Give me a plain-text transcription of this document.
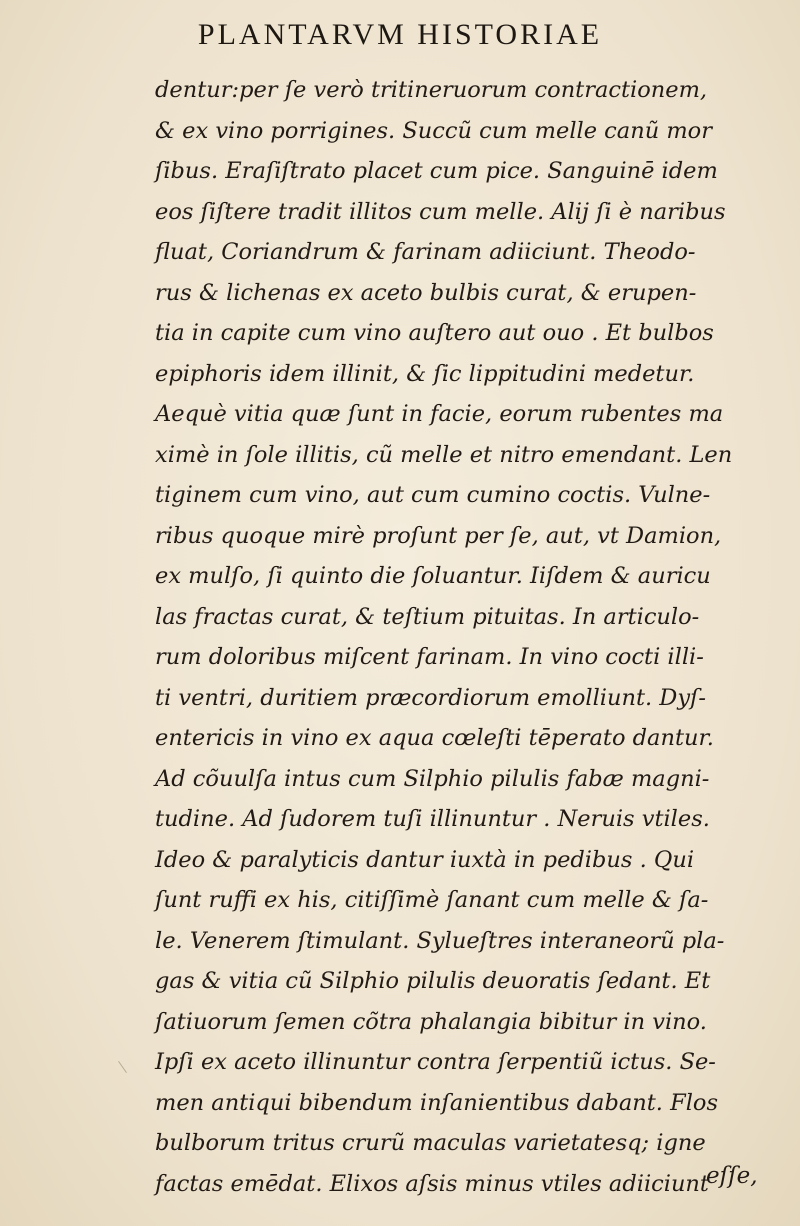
PLANTARVM HISTORIAE
dentur:per ſe verò tritineruorum contractionem,
& ex vino porrigines. Succũ cum melle canũ mor
ſibus. Eraſiſtrato placet cum pice. Sanguinē idem
eos ſiſtere tradit illitos cum melle. Alij ſi è naribus
fluat, Coriandrum & farinam adiiciunt. Theodo-
rus & lichenas ex aceto bulbis curat, & erupen-
tia in capite cum vino auſtero aut ouo . Et bulbos
epiphoris idem illinit, & ſic lippitudini medetur.
Aequè vitia quæ ſunt in facie, eorum rubentes ma
ximè in ſole illitis, cũ melle et nitro emendant. Len
tiginem cum vino, aut cum cumino coctis. Vulne-
ribus quoque mirè proſunt per ſe, aut, vt Damion,
ex mulſo, ſi quinto die ſoluantur. Iiſdem & auricu
las fractas curat, & teſtium pituitas. In articulo-
rum doloribus miſcent farinam. In vino cocti illi-
ti ventri, duritiem præcordiorum emolliunt. Dyſ-
entericis in vino ex aqua cœleſti tēperato dantur.
Ad cõuulſa intus cum Silphio pilulis fabæ magni-
tudine. Ad ſudorem tuſi illinuntur . Neruis vtiles.
Ideo & paralyticis dantur iuxtà in pedibus . Qui
ſunt ruffi ex his, citiſſimè ſanant cum melle & ſa-
le. Venerem ſtimulant. Sylueſtres interaneorũ pla-
gas & vitia cũ Silphio pilulis deuoratis ſedant. Et
ſatiuorum ſemen cõtra phalangia bibitur in vino.
Ipſi ex aceto illinuntur contra ſerpentiũ ictus. Se-
men antiqui bibendum inſanientibus dabant. Flos
bulborum tritus crurũ maculas varietatesq; igne
factas emēdat. Elixos aſsis minus vtiles adiiciunt
eſſe,
